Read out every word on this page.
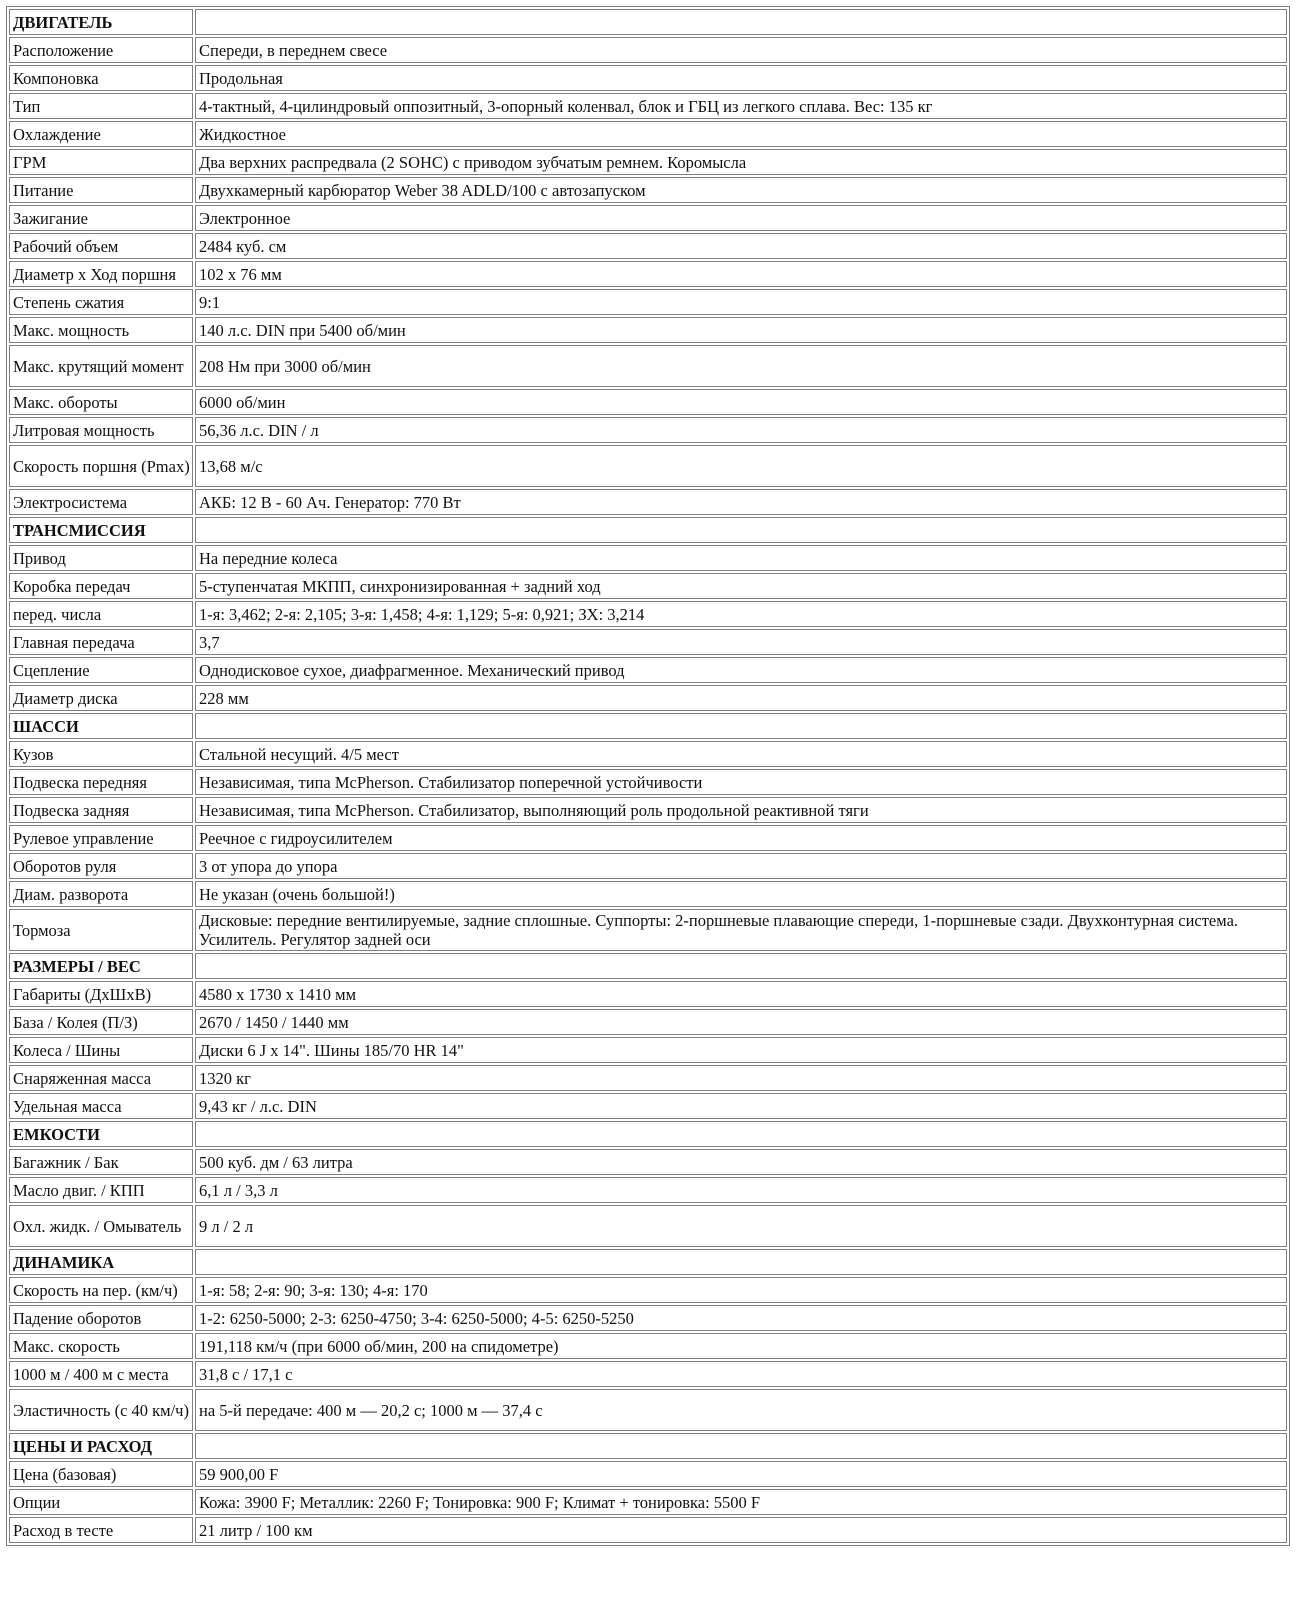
ДВИГАТЕЛЬ	
Расположение	Спереди, в переднем свесе
Компоновка	Продольная
Тип	4-тактный, 4-цилиндровый оппозитный, 3-опорный коленвал, блок и ГБЦ из легкого сплава. Вес: 135 кг
Охлаждение	Жидкостное
ГРМ	Два верхних распредвала (2 SOHC) с приводом зубчатым ремнем. Коромысла
Питание	Двухкамерный карбюратор Weber 38 ADLD/100 с автозапуском
Зажигание	Электронное
Рабочий объем	2484 куб. см
Диаметр x Ход поршня	102 x 76 мм
Степень сжатия	9:1
Макс. мощность	140 л.с. DIN при 5400 об/мин
Макс. крутящий момент	208 Нм при 3000 об/мин
Макс. обороты	6000 об/мин
Литровая мощность	56,36 л.с. DIN / л
Скорость поршня (Pmax)	13,68 м/с
Электросистема	АКБ: 12 В - 60 Ач. Генератор: 770 Вт
ТРАНСМИССИЯ	
Привод	На передние колеса
Коробка передач	5-ступенчатая МКПП, синхронизированная + задний ход
перед. числа	1-я: 3,462; 2-я: 2,105; 3-я: 1,458; 4-я: 1,129; 5-я: 0,921; ЗХ: 3,214
Главная передача	3,7
Сцепление	Однодисковое сухое, диафрагменное. Механический привод
Диаметр диска	228 мм
ШАССИ	
Кузов	Стальной несущий. 4/5 мест
Подвеска передняя	Независимая, типа McPherson. Стабилизатор поперечной устойчивости
Подвеска задняя	Независимая, типа McPherson. Стабилизатор, выполняющий роль продольной реактивной тяги
Рулевое управление	Реечное с гидроусилителем
Оборотов руля	3 от упора до упора
Диам. разворота	Не указан (очень большой!)
Тормоза	Дисковые: передние вентилируемые, задние сплошные. Суппорты: 2-поршневые плавающие спереди, 1-поршневые сзади. Двухконтурная система. Усилитель. Регулятор задней оси
РАЗМЕРЫ / ВЕС	
Габариты (ДхШхВ)	4580 x 1730 x 1410 мм
База / Колея (П/З)	2670 / 1450 / 1440 мм
Колеса / Шины	Диски 6 J x 14". Шины 185/70 HR 14"
Снаряженная масса	1320 кг
Удельная масса	9,43 кг / л.с. DIN
ЕМКОСТИ	
Багажник / Бак	500 куб. дм / 63 литра
Масло двиг. / КПП	6,1 л / 3,3 л
Охл. жидк. / Омыватель	9 л / 2 л
ДИНАМИКА	
Скорость на пер. (км/ч)	1-я: 58; 2-я: 90; 3-я: 130; 4-я: 170
Падение оборотов	1-2: 6250-5000; 2-3: 6250-4750; 3-4: 6250-5000; 4-5: 6250-5250
Макс. скорость	191,118 км/ч (при 6000 об/мин, 200 на спидометре)
1000 м / 400 м с места	31,8 с / 17,1 с
Эластичность (с 40 км/ч)	на 5-й передаче: 400 м — 20,2 с; 1000 м — 37,4 с
ЦЕНЫ И РАСХОД	
Цена (базовая)	59 900,00 F
Опции	Кожа: 3900 F; Металлик: 2260 F; Тонировка: 900 F; Климат + тонировка: 5500 F
Расход в тесте	21 литр / 100 км
